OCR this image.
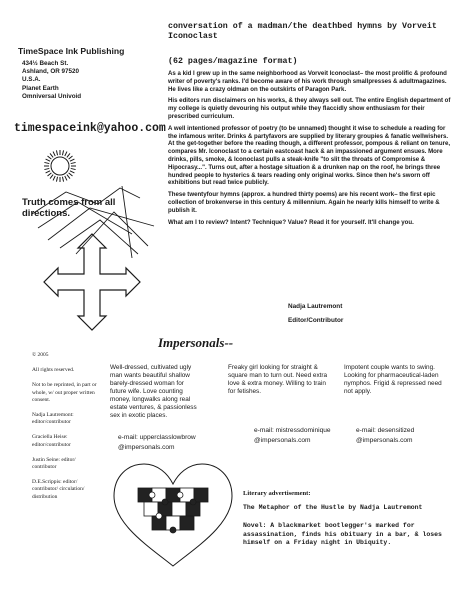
TimeSpace Ink Publishing
434½ Beach St.
Ashland, OR 97520
U.S.A.
Planet Earth
Omniversal Univoid
timespaceink@yahoo.com
Truth comes from all directions.
conversation of a madman/the deathbed hymns by Vorveit Iconoclast
(62 pages/magazine format)

As a kid I grew up in the same neighborhood as Vorveit Iconoclast– the most prolific & profound writer of poverty's ranks. I'd become aware of his work through smallpresses & adultmagazines. He lives like a crazy oldman on the outskirts of Paragon Park.

His editors run disclaimers on his works, & they always sell out. The entire English department of my college is quietly devouring his output while they flaccidly show enthusiasm for their prescribed curriculum.

A well intentioned professor of poetry (to be unnamed) thought it wise to schedule a reading for the infamous writer. Drinks & partyfavors are supplied by literary groupies & fanatic wellwishers. At the get-together before the reading though, a different professor, pompous & reliant on tenure, compares Mr. Iconoclast to a certain eastcoast hack & an impassioned argument ensues. More drinks, pills, smoke, & Iconoclast pulls a steak-knife "to slit the throats of Compromise & Hipocrasy...". Turns out, after a hostage situation & a drunken nap on the roof, he brings three hundred people to hysterics & tears reading only original works. Since then he's sworn off exhibitions but read twice publicly.

These twentyfour hymns (approx. a hundred thirty poems) are his recent work– the first epic collection of brokenverse in this century & millennium. Again he nearly kills himself to write & publish it.

What am I to review? Intent? Technique? Value? Read it for yourself. It'll change you.

Nadja Lautremont
Editor/Contributor
Impersonals--

© 2005

All rights reserved.

Not to be reprinted, in part or whole, w/ out proper written consent.

Nadja Lautremont: editor/contributor

Graciella Heise: editor/contributor

Justin Seine: editor/ contributor

D.E.Scrippis: editor/ contributor/ circulation/ distribution

Well-dressed, cultivated ugly man wants beautiful shallow barely-dressed woman for future wife. Love counting money, longwalks along real estate ventures, & passionless sex in exotic places.
e-mail: upperclasslowbrow
@impersonals.com
Freaky girl looking for straight & square man to turn out. Need extra love & extra money. Willing to train for fetishes.
e-mail: mistressdominique
@impersonals.com
Impotent couple wants to swing. Looking for pharmaceutical-laden nymphos. Frigid & repressed need not apply.
e-mail: desensitized
@impersonals.com
Literary advertisement:
The Metaphor of the Hustle by Nadja Lautremont
Novel: A blackmarket bootlegger's marked for assassination, finds his obituary in a bar, & loses himself on a Friday night in Ubiquity.
